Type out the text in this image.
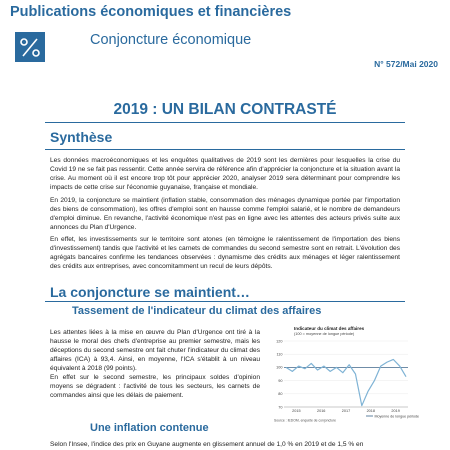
Publications économiques et financières
Conjoncture économique
N° 572/Mai 2020
2019 : UN BILAN CONTRASTÉ
Synthèse
Les données macroéconomiques et les enquêtes qualitatives de 2019 sont les dernières pour lesquelles la crise du Covid 19 ne se fait pas ressentir. Cette année servira de référence afin d'apprécier la conjoncture et la situation avant la crise. Au moment où il est encore trop tôt pour apprécier 2020, analyser 2019 sera déterminant pour comprendre les impacts de cette crise sur l'économie guyanaise, française et mondiale.
En 2019, la conjoncture se maintient (inflation stable, consommation des ménages dynamique portée par l'importation des biens de consommation), les offres d'emploi sont en hausse comme l'emploi salarié, et le nombre de demandeurs d'emploi diminue. En revanche, l'activité économique n'est pas en ligne avec les attentes des acteurs privés suite aux annonces du Plan d'Urgence.
En effet, les investissements sur le territoire sont atones (en témoigne le ralentissement de l'importation des biens d'investissement) tandis que l'activité et les carnets de commandes du second semestre sont en retrait. L'évolution des agrégats bancaires confirme les tendances observées : dynamisme des crédits aux ménages et léger ralentissement des crédits aux entreprises, avec concomitamment un recul de leurs dépôts.
La conjoncture se maintient…
Tassement de l'indicateur du climat des affaires
Les attentes liées à la mise en œuvre du Plan d'Urgence ont tiré à la hausse le moral des chefs d'entreprise au premier semestre, mais les déceptions du second semestre ont fait chuter l'indicateur du climat des affaires (ICA) à 93,4. Ainsi, en moyenne, l'ICA s'établit à un niveau équivalent à 2018 (99 points).
En effet sur le second semestre, les principaux soldes d'opinion moyens se dégradent : l'activité de tous les secteurs, les carnets de commandes ainsi que les délais de paiement.
Indicateur du climat des affaires
(100 = moyenne de longue période)
70
80
90
100
110
120
2015	2016	2017	2018	2019
Moyenne de longue période
Source : IEDOM, enquête de conjoncture
Une inflation contenue
Selon l'Insee, l'indice des prix en Guyane augmente en glissement annuel de 1,0 % en 2019 et de 1,5 % en
